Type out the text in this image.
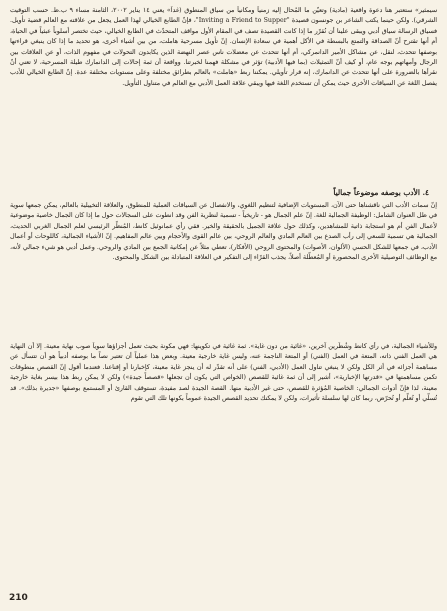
سيمثير» ستعتبر هنا دعوة واقعية (مادية) وتعيّن ما المُحال إليه زمنياً ومكانياً من سياق المنطوق (غداً» يعني ١٤ يناير ٢٠٠٢، الثامنة مساء ٩ ب.ظ. حسب التوقيت الشرقي). ولكن حينما يكتب الشاعر بن جونسون قصيدة "Inviting a Friend to Supper"، فإنّ الطابع الخيالي لهذا العمل يجعل من علاقته مع العالم قضية تأويل. فسياق الرسالة سياق أدبي ويبقى علينا أن نُقرّر ما إذا كانت القصيدة تصف في المقام الأول مواقف المتحدّث في الطابع الخيالي، حيث تختصر أسلوباً عبثياً في الحياة، أم أنها تقترح أنّ الصداقة والتمتع بالبسطة في الأكل أهمية في سعادة الإنسان. إنّ تأويل مسرحية هاملت، من بين أشياء أخرى، هو تحديد ما إذا كان ينبغي قراءتها بوصفها تتحدث، لنقل، عن مشاكل الأمير الدانمركي، أم أنها تتحدث عن معضلات ناس عصر النهضة الذين يكابدون التحولات في مفهوم الذات، أو عن العلاقات بين الرجال وأمهاتهم بوجه عام، أو كيف أنّ التمثيلات (بما فيها الأدبية) تؤثر في مشكلة فهمنا لخبرتنا. وواقعة أن ثمة إحالات إلى الدانمارك طيلة المسرحية، لا تعني أنّ نقرأها بالضرورة على أنها تتحدث عن الدانمارك، إنه قرار تأويلي. يمكننا ربط «هاملت» بالعالم بطرائق مختلفة وعلى مستويات مختلفة عدة. إنّ الطابع الخيالي للأدب يفصل اللغة عن السياقات الأخرى حيث يمكن أن تستخدم اللغة فيها ويبقي علاقة العمل الأدبي مع العالم في متناول التأويل.

٤. الأدب بوصفه موضوعاً جمالياً

إنّ سمات الأدب التي ناقشناها حتى الآن، المستويات الإضافية لتنظيم اللغوي، والانفصال عن السياقات العملية للمنطوق، والعلاقة التخييلية بالعالم، يمكن جمعها سوية في ظل العنوان الشامل: الوظيفة الجمالية للغة. إنّ علم الجمال هو - تاريخياً - تسمية لنظرية الفن وقد انطوت على السجالات حول ما إذا كان الجمال خاصية موضوعية لأعمال الفن أم هو استجابة ذاتية للمشاهدين، وكذلك حول علاقة الجميل بالحقيقة والخير. فقي رأي عمانوئيل كانط، المُنظّر الرئيسي لعلم الجمال الغربي الحديث، الجمالية هي تسمية للسعي إلى رأب الصدع بين العالم المادي والعالم الروحي، بين عالم القوى والأحجام وبين عالم المفاهيم. إنّ الأشياء الجمالية، كاللوحات أو أعمال الأدب، في جمعها للشكل الحسي (الألوان، الأصوات) والمحتوى الروحي (الأفكار)، تعطي مثلاً عن إمكانية الجمع بين المادي والروحي. وعمل أدبي هو شيء جمالي لأنه، مع الوظائف التوصيلية الأخرى المحصورة أو المُعطّلة أصلاً، يجذب القرّاء إلى التفكير في العلاقة المتبادلة بين الشكل والمحتوى.

وللأشياء الجمالية، في رأي كانط وشُظّرين آخرين، «غائية من دون غاية». ثمة غائية في تكوينها: فهي مكونة بحيث تعمل أجزاؤها سوياً صوب نهاية معينة. إلا أن النهاية هي العمل الفني ذاته، المتعة في العمل (الفني) أو المتعة الناجمة عنه، وليس غاية خارجية معينة. وبعض هذا عملياً أن تعتبر نصاً ما بوصفه أدبياً هو أن تتسأل عن مساهمة أجزائه في أثر الكل ولكن لا ينبغي تناول العمل (الأدبي، الفني) على أنه تقدّر له أن ينجز غاية معينة، كإخبارنا أو إقناعنا. فعندما أقول إنّ القصص منطوقات تكمن مساهمتها في «قدرتها الإخبارية»، أشير إلى أن ثمة غائية للقصص (الخواص التي يكون أن تجعلها «قصصاً جيدة») ولكن لا يمكن ربط هذا بيسر بغاية خارجية معينة، لذا فإنّ أدوات الجمالي: الخاصية المُؤثرة للقصص، حتى غير الأدبية منها. القصة الجيدة لصد مفيدة، تستوقف القارئ أو المستمع بوصفها «جديرة بذلك». قد تُسلّي أو تُعلّم أو تُحرّض، ربما كان لها سلسلة تأثيرات، ولكن لا يمكنك تحديد القصص الجيدة عموماً بكونها تلك التي تقوم

210
